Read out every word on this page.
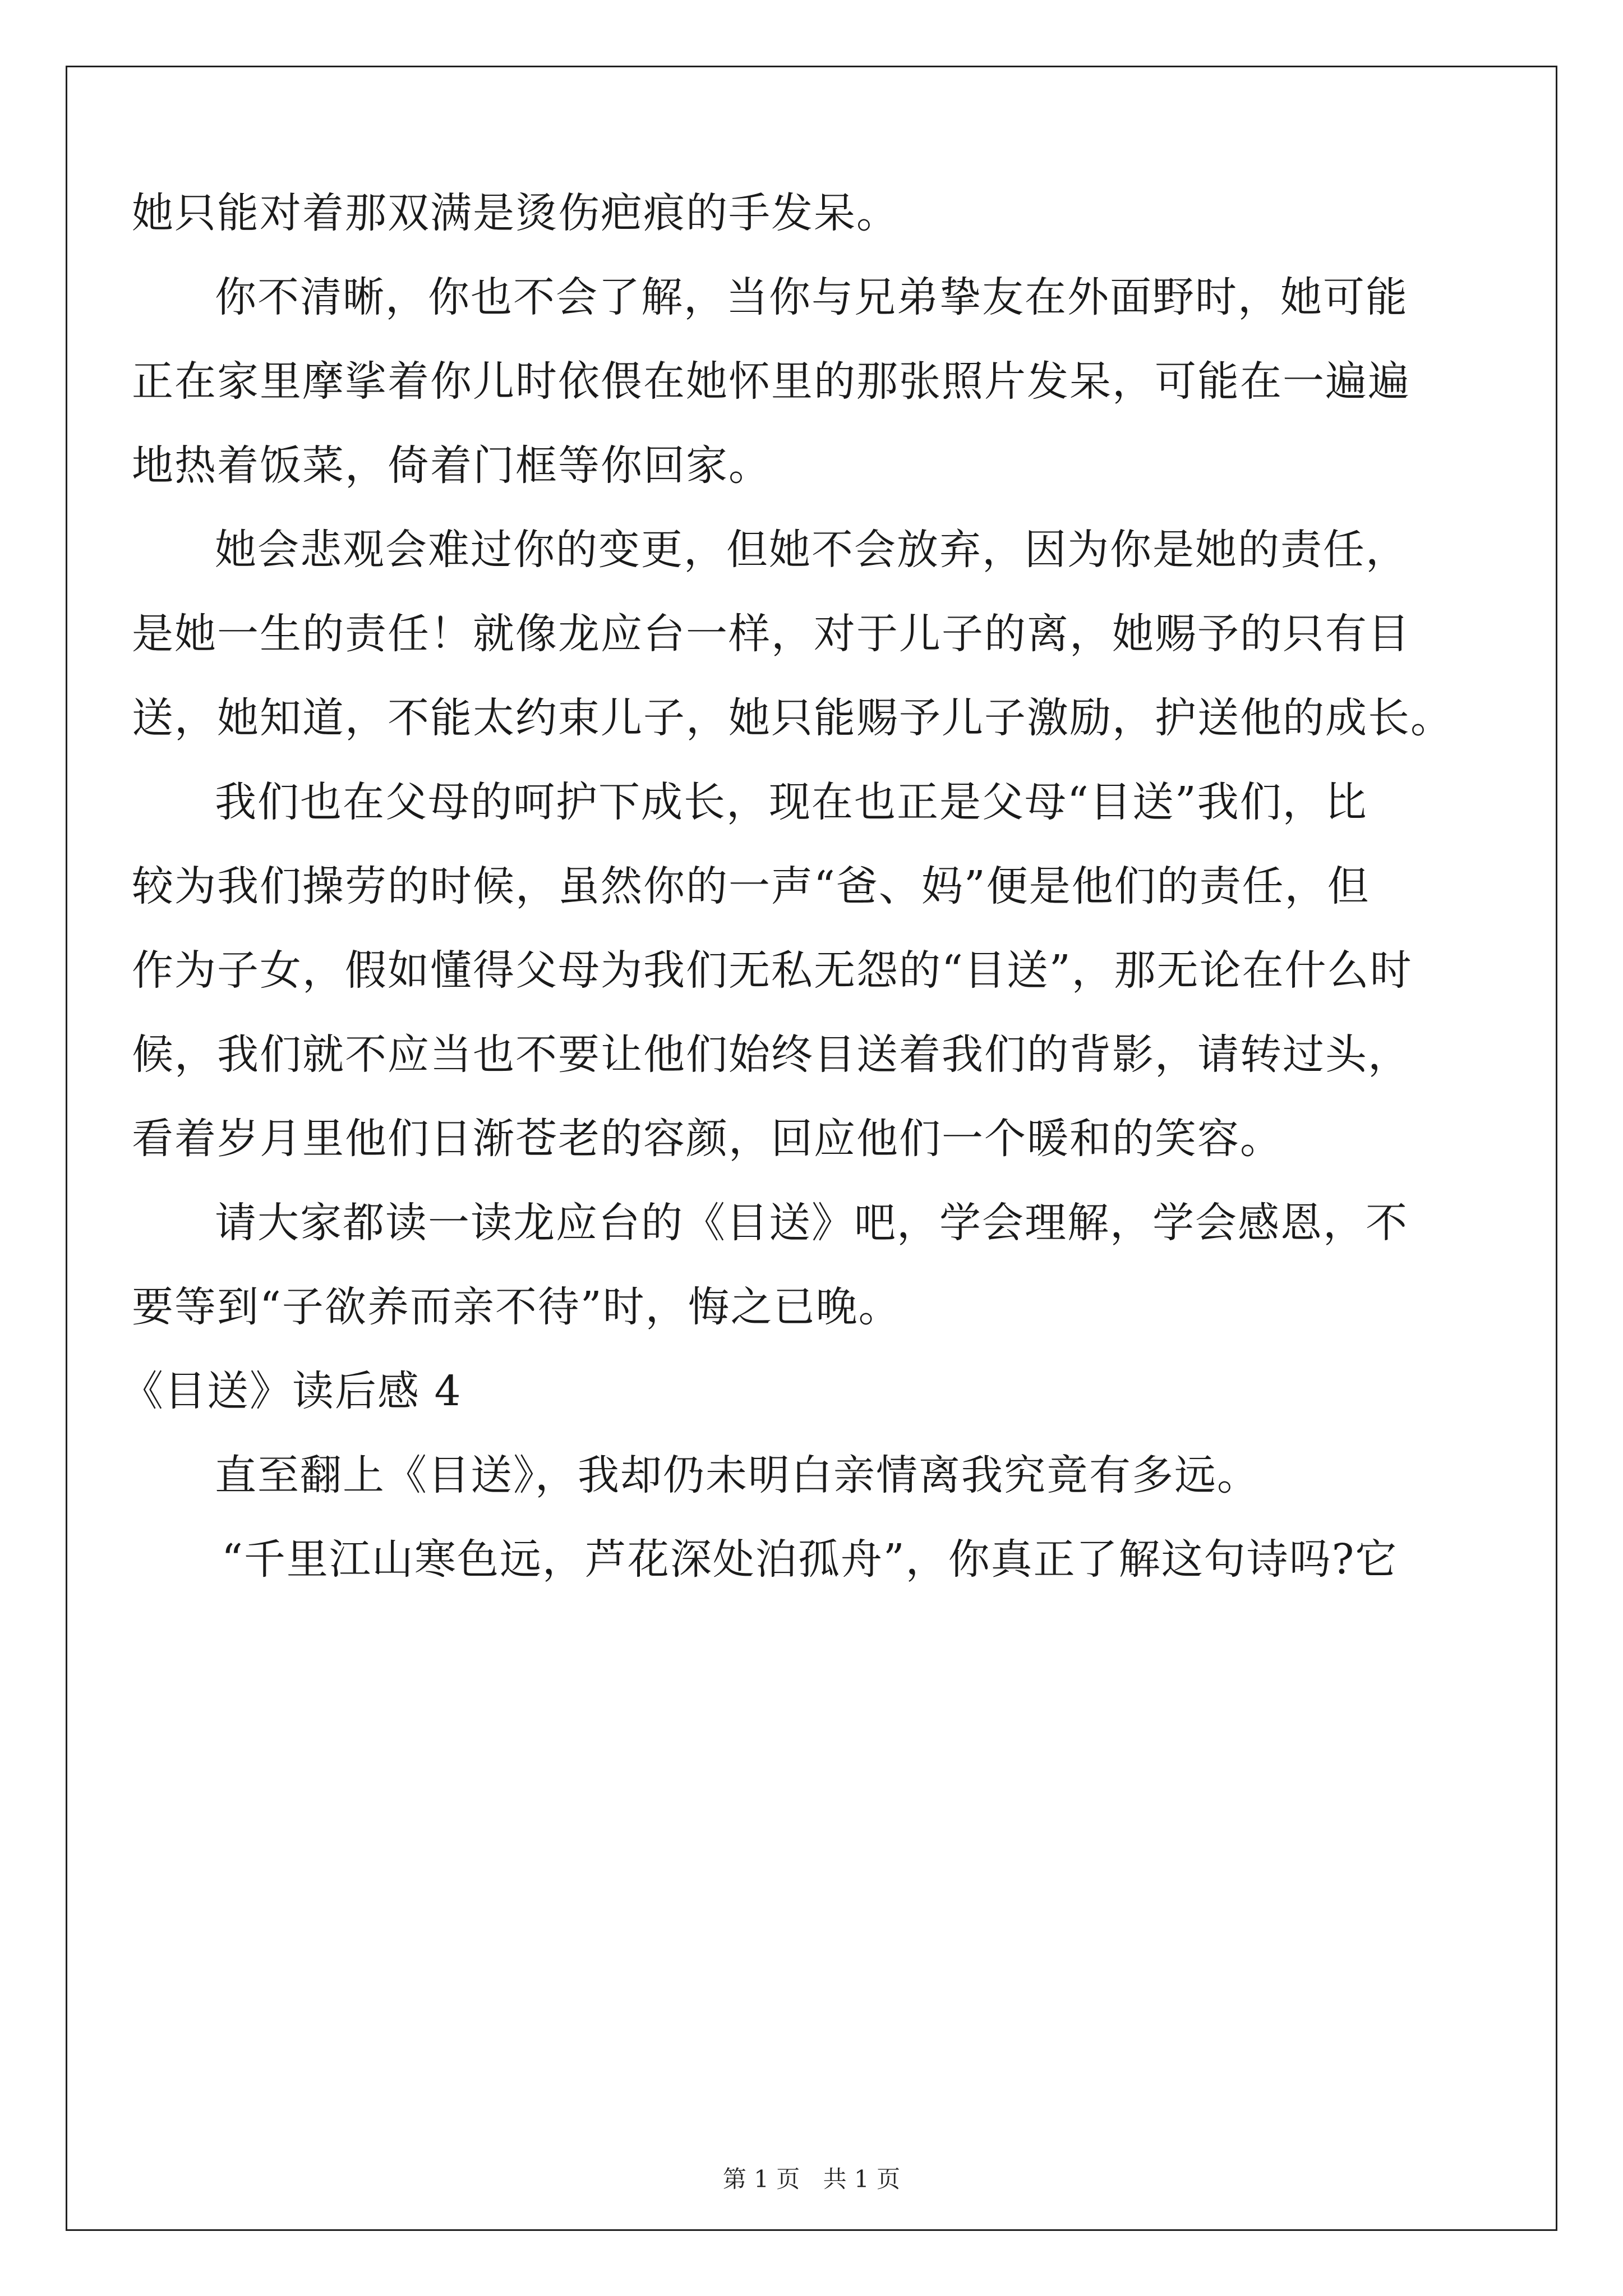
她只能对着那双满是烫伤疤痕的手发呆。
你不清晰，你也不会了解，当你与兄弟挚友在外面野时，她可能
正在家里摩挲着你儿时依偎在她怀里的那张照片发呆，可能在一遍遍
地热着饭菜，倚着门框等你回家。
她会悲观会难过你的变更，但她不会放弃，因为你是她的责任，
是她一生的责任！就像龙应台一样，对于儿子的离，她赐予的只有目
送，她知道，不能太约束儿子，她只能赐予儿子激励，护送他的成长。
我们也在父母的呵护下成长，现在也正是父母“目送”我们，比
较为我们操劳的时候，虽然你的一声“爸、妈”便是他们的责任，但
作为子女，假如懂得父母为我们无私无怨的“目送”，那无论在什么时
候，我们就不应当也不要让他们始终目送着我们的背影，请转过头，
看着岁月里他们日渐苍老的容颜，回应他们一个暖和的笑容。
请大家都读一读龙应台的《目送》吧，学会理解，学会感恩，不
要等到“子欲养而亲不待”时，悔之已晚。
《目送》读后感 4
直至翻上《目送》，我却仍未明白亲情离我究竟有多远。
“千里江山寒色远，芦花深处泊孤舟”，你真正了解这句诗吗?它
第 1 页 共 1 页
